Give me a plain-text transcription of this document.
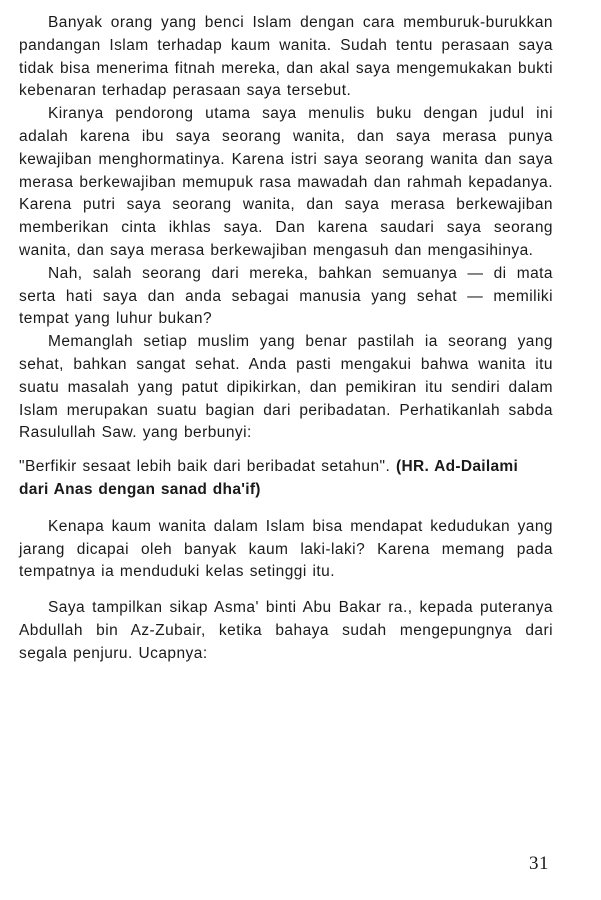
Banyak orang yang benci Islam dengan cara memburuk-burukkan pandangan Islam terhadap kaum wanita. Sudah tentu perasaan saya tidak bisa menerima fitnah mereka, dan akal saya mengemukakan bukti kebenaran terhadap perasaan saya tersebut.

Kiranya pendorong utama saya menulis buku dengan judul ini adalah karena ibu saya seorang wanita, dan saya merasa punya kewajiban menghormatinya. Karena istri saya seorang wanita dan saya merasa berkewajiban memupuk rasa mawadah dan rahmah kepadanya. Karena putri saya seorang wanita, dan saya merasa berkewajiban memberikan cinta ikhlas saya. Dan karena saudari saya seorang wanita, dan saya merasa berkewajiban mengasuh dan mengasihinya.

Nah, salah seorang dari mereka, bahkan semuanya — di mata serta hati saya dan anda sebagai manusia yang sehat — memiliki tempat yang luhur bukan?

Memanglah setiap muslim yang benar pastilah ia seorang yang sehat, bahkan sangat sehat. Anda pasti mengakui bahwa wanita itu suatu masalah yang patut dipikirkan, dan pemikiran itu sendiri dalam Islam merupakan suatu bagian dari peribadatan. Perhatikanlah sabda Rasulullah Saw. yang berbunyi:

"Berfikir sesaat lebih baik dari beribadat setahun". (HR. Ad-Dailami dari Anas dengan sanad dha'if)

Kenapa kaum wanita dalam Islam bisa mendapat kedudukan yang jarang dicapai oleh banyak kaum laki-laki? Karena memang pada tempatnya ia menduduki kelas setinggi itu.

Saya tampilkan sikap Asma' binti Abu Bakar ra., kepada puteranya Abdullah bin Az-Zubair, ketika bahaya sudah mengepungnya dari segala penjuru. Ucapnya:

31
